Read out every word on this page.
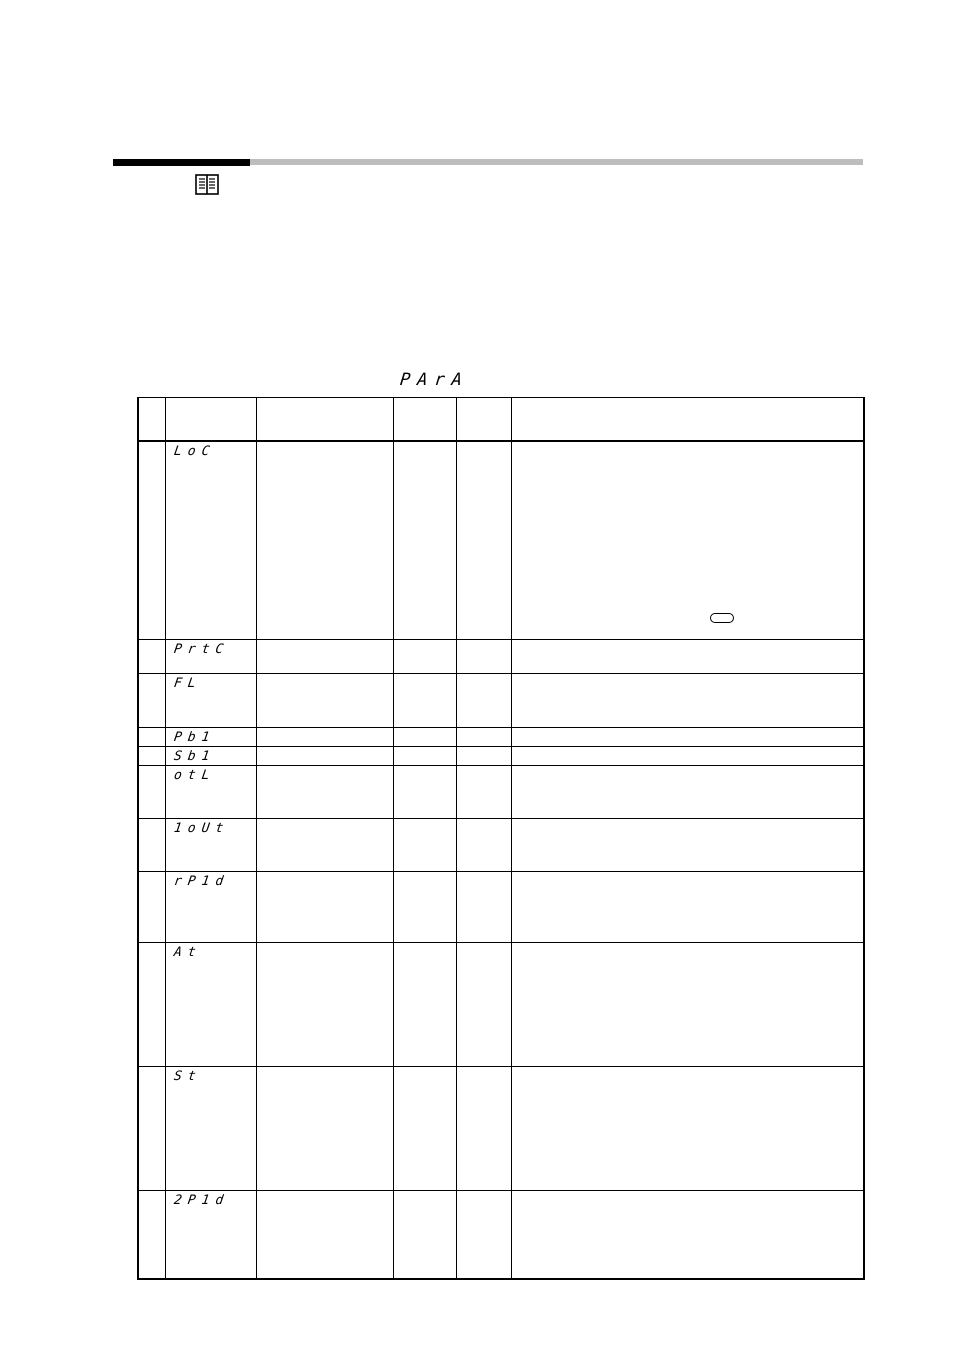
PArA

	LoC				

	PrtC				

	FL				

	Pb1				

	Sb1				

	otL				

	1oUt				

	rP1d				

	At				

	St				

	2P1d				
